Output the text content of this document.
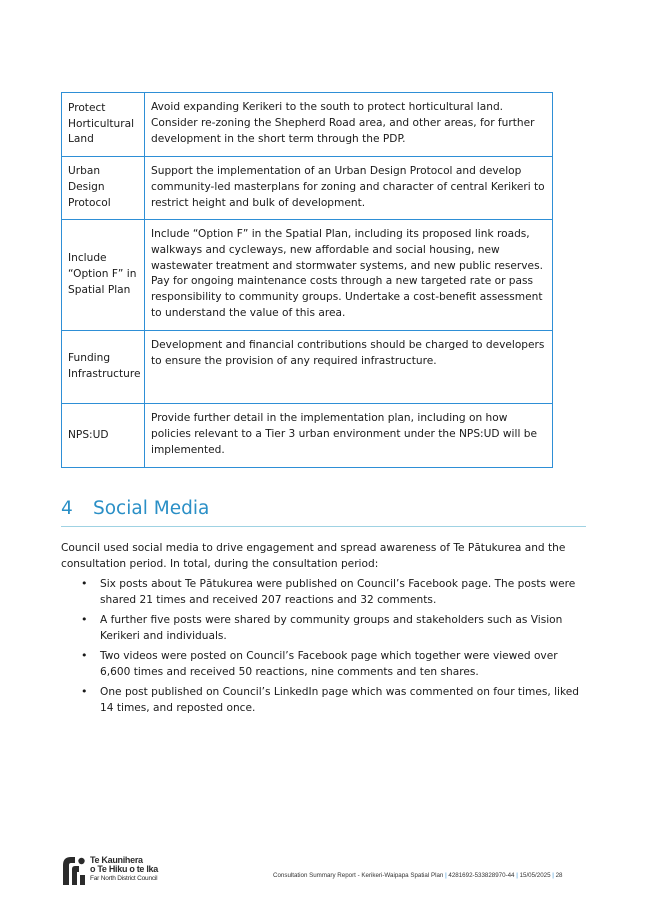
Protect Horticultural Land	Avoid expanding Kerikeri to the south to protect horticultural land. Consider re-zoning the Shepherd Road area, and other areas, for further development in the short term through the PDP.
Urban Design Protocol	Support the implementation of an Urban Design Protocol and develop community-led masterplans for zoning and character of central Kerikeri to restrict height and bulk of development.
Include “Option F” in Spatial Plan	Include “Option F” in the Spatial Plan, including its proposed link roads, walkways and cycleways, new affordable and social housing, new wastewater treatment and stormwater systems, and new public reserves. Pay for ongoing maintenance costs through a new targeted rate or pass responsibility to community groups. Undertake a cost-benefit assessment to understand the value of this area.
Funding Infrastructure	Development and financial contributions should be charged to developers to ensure the provision of any required infrastructure.
NPS:UD	Provide further detail in the implementation plan, including on how policies relevant to a Tier 3 urban environment under the NPS:UD will be implemented.
4 Social Media

Council used social media to drive engagement and spread awareness of Te Pātukurea and the consultation period. In total, during the consultation period:

• Six posts about Te Pātukurea were published on Council’s Facebook page. The posts were shared 21 times and received 207 reactions and 32 comments.
• A further five posts were shared by community groups and stakeholders such as Vision Kerikeri and individuals.
• Two videos were posted on Council’s Facebook page which together were viewed over 6,600 times and received 50 reactions, nine comments and ten shares.
• One post published on Council’s LinkedIn page which was commented on four times, liked 14 times, and reposted once.
Te Kaunihera
o Te Hiku o te Ika
Far North District Council	Consultation Summary Report - Kerikeri-Waipapa Spatial Plan | 4281692-533828970-44 | 15/05/2025 | 28
